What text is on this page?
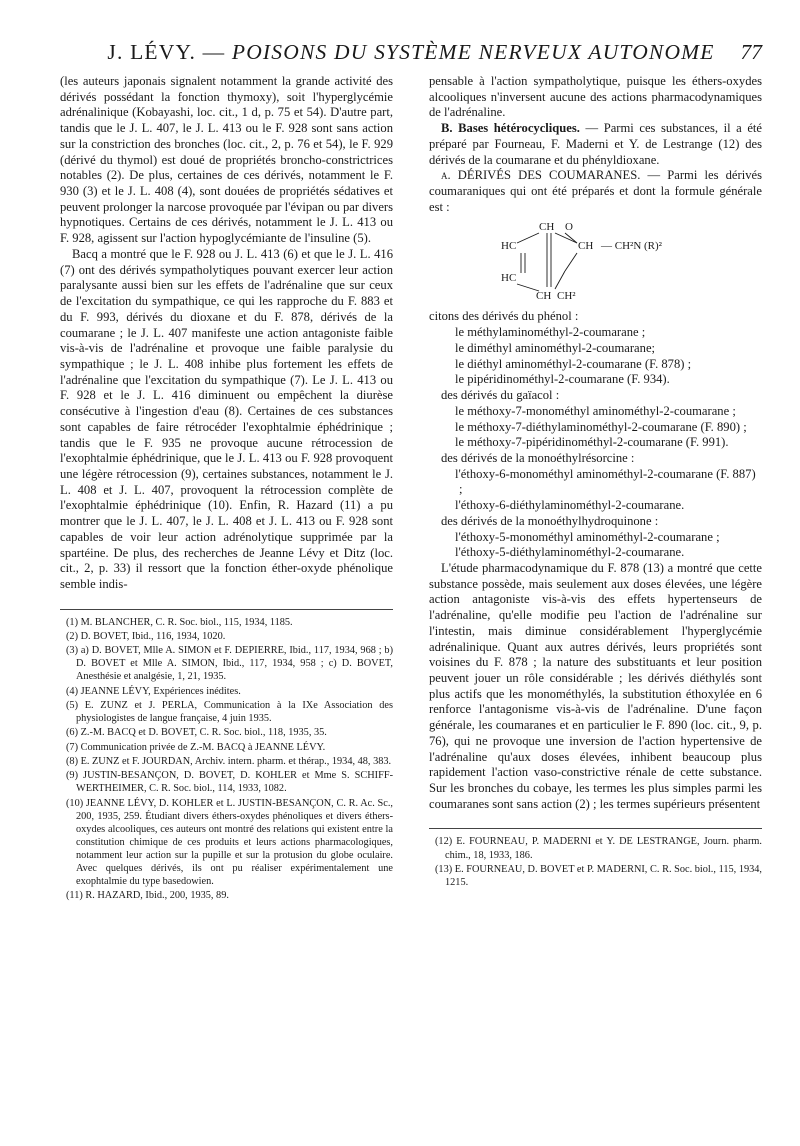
J. LÉVY. — POISONS DU SYSTÈME NERVEUX AUTONOME 77

(les auteurs japonais signalent notamment la grande activité des dérivés possédant la fonction thymoxy), soit l'hyperglycémie adrénalinique (Kobayashi, loc. cit., 1 d, p. 75 et 54). D'autre part, tandis que le J. L. 407, le J. L. 413 ou le F. 928 sont sans action sur la constriction des bronches (loc. cit., 2, p. 76 et 54), le F. 929 (dérivé du thymol) est doué de propriétés broncho-constrictrices notables (2). De plus, certaines de ces dérivés, notamment le F. 930 (3) et le J. L. 408 (4), sont douées de propriétés sédatives et peuvent prolonger la narcose provoquée par l'évipan ou par divers hypnotiques. Certains de ces dérivés, notamment le J. L. 413 ou F. 928, agissent sur l'action hypoglycémiante de l'insuline (5).

Bacq a montré que le F. 928 ou J. L. 413 (6) et que le J. L. 416 (7) ont des dérivés sympatholytiques pouvant exercer leur action paralysante aussi bien sur les effets de l'adrénaline que sur ceux de l'excitation du sympathique, ce qui les rapproche du F. 883 et du F. 993, dérivés du dioxane et du F. 878, dérivés de la coumarane ; le J. L. 407 manifeste une action antagoniste faible vis-à-vis de l'adrénaline et provoque une faible paralysie du sympathique ; le J. L. 408 inhibe plus fortement les effets de l'adrénaline que l'excitation du sympathique (7). Le J. L. 413 ou F. 928 et le J. L. 416 diminuent ou empêchent la diurèse consécutive à l'ingestion d'eau (8). Certaines de ces substances sont capables de faire rétrocéder l'exophtalmie éphédrinique ; tandis que le F. 935 ne provoque aucune rétrocession de l'exophtalmie éphédrinique, que le J. L. 413 ou F. 928 provoquent une légère rétrocession (9), certaines substances, notamment le J. L. 408 et J. L. 407, provoquent la rétrocession complète de l'exophtalmie éphédrinique (10). Enfin, R. Hazard (11) a pu montrer que le J. L. 407, le J. L. 408 et J. L. 413 ou F. 928 sont capables de voir leur action adrénolytique supprimée par la spartéine. De plus, des recherches de Jeanne Lévy et Ditz (loc. cit., 2, p. 33) il ressort que la fonction éther-oxyde phénolique semble indis-

(1) M. BLANCHER, C. R. Soc. biol., 115, 1934, 1185.

(2) D. BOVET, Ibid., 116, 1934, 1020.

(3) a) D. BOVET, Mlle A. SIMON et F. DEPIERRE, Ibid., 117, 1934, 968 ; b) D. BOVET et Mlle A. SIMON, Ibid., 117, 1934, 958 ; c) D. BOVET, Anesthésie et analgésie, 1, 21, 1935.

(4) JEANNE LÉVY, Expériences inédites.

(5) E. ZUNZ et J. PERLA, Communication à la IXe Association des physiologistes de langue française, 4 juin 1935.

(6) Z.-M. BACQ et D. BOVET, C. R. Soc. biol., 118, 1935, 35.

(7) Communication privée de Z.-M. BACQ à JEANNE LÉVY.

(8) E. ZUNZ et F. JOURDAN, Archiv. intern. pharm. et thérap., 1934, 48, 383.

(9) JUSTIN-BESANÇON, D. BOVET, D. KOHLER et Mme S. SCHIFF-WERTHEIMER, C. R. Soc. biol., 114, 1933, 1082.

(10) JEANNE LÉVY, D. KOHLER et L. JUSTIN-BESANÇON, C. R. Ac. Sc., 200, 1935, 259. Étudiant divers éthers-oxydes phénoliques et divers éthers-oxydes alcooliques, ces auteurs ont montré des relations qui existent entre la constitution chimique de ces produits et leurs actions pharmacologiques, notamment leur action sur la pupille et sur la protusion du globe oculaire. Avec quelques dérivés, ils ont pu réaliser expérimentalement une exophtalmie du type basedowien.

(11) R. HAZARD, Ibid., 200, 1935, 89.

pensable à l'action sympatholytique, puisque les éthers-oxydes alcooliques n'inversent aucune des actions pharmacodynamiques de l'adrénaline.

B. Bases hétérocycliques. — Parmi ces substances, il a été préparé par Fourneau, F. Maderni et Y. de Lestrange (12) des dérivés de la coumarane et du phényldioxane.

a. DÉRIVÉS DES COUMARANES. — Parmi les dérivés coumaraniques qui ont été préparés et dont la formule générale est :

CH O
HC	CH — CH²N (R)²
HC
CH CH²

citons des dérivés du phénol :

le méthylaminométhyl-2-coumarane ;

le diméthyl aminométhyl-2-coumarane;

le diéthyl aminométhyl-2-coumarane (F. 878) ;

le pipéridinométhyl-2-coumarane (F. 934).

des dérivés du gaïacol :

le méthoxy-7-monométhyl aminométhyl-2-coumarane ;

le méthoxy-7-diéthylaminométhyl-2-coumarane (F. 890) ;

le méthoxy-7-pipéridinométhyl-2-coumarane (F. 991).

des dérivés de la monoéthylrésorcine :

l'éthoxy-6-monométhyl aminométhyl-2-coumarane (F. 887) ;

l'éthoxy-6-diéthylaminométhyl-2-coumarane.

des dérivés de la monoéthylhydroquinone :

l'éthoxy-5-monométhyl aminométhyl-2-coumarane ;

l'éthoxy-5-diéthylaminométhyl-2-coumarane.

L'étude pharmacodynamique du F. 878 (13) a montré que cette substance possède, mais seulement aux doses élevées, une légère action antagoniste vis-à-vis des effets hypertenseurs de l'adrénaline, qu'elle modifie peu l'action de l'adrénaline sur l'intestin, mais diminue considérablement l'hyperglycémie adrénalinique. Quant aux autres dérivés, leurs propriétés sont voisines du F. 878 ; la nature des substituants et leur position peuvent jouer un rôle considérable ; les dérivés diéthylés sont plus actifs que les monométhylés, la substitution éthoxylée en 6 renforce l'antagonisme vis-à-vis de l'adrénaline. D'une façon générale, les coumaranes et en particulier le F. 890 (loc. cit., 9, p. 76), qui ne provoque une inversion de l'action hypertensive de l'adrénaline qu'aux doses élevées, inhibent beaucoup plus rapidement l'action vaso-constrictive rénale de cette substance. Sur les bronches du cobaye, les termes les plus simples parmi les coumaranes sont sans action (2) ; les termes supérieurs présentent

(12) E. FOURNEAU, P. MADERNI et Y. DE LESTRANGE, Journ. pharm. chim., 18, 1933, 186.

(13) E. FOURNEAU, D. BOVET et P. MADERNI, C. R. Soc. biol., 115, 1934, 1215.
